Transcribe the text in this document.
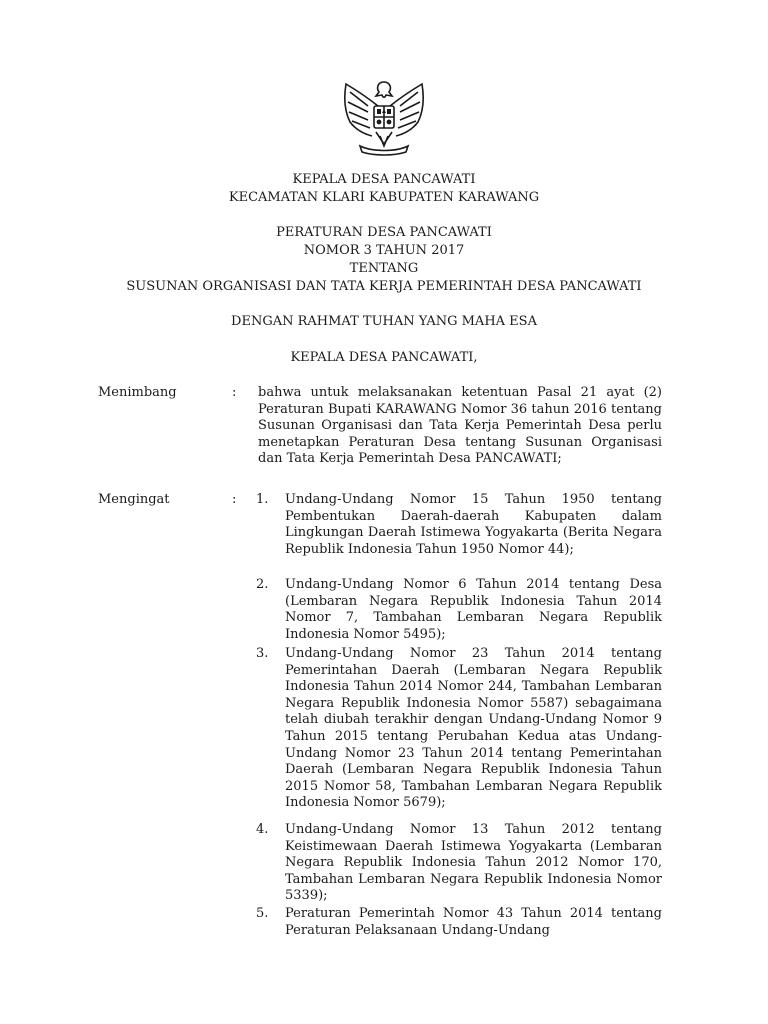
KEPALA DESA PANCAWATI
KECAMATAN KLARI KABUPATEN KARAWANG
PERATURAN DESA PANCAWATI
NOMOR 3 TAHUN 2017
TENTANG
SUSUNAN ORGANISASI DAN TATA KERJA PEMERINTAH DESA PANCAWATI
DENGAN RAHMAT TUHAN YANG MAHA ESA
KEPALA DESA PANCAWATI,
Menimbang	: bahwa untuk melaksanakan ketentuan Pasal 21 ayat (2) Peraturan Bupati KARAWANG Nomor 36 tahun 2016 tentang Susunan Organisasi dan Tata Kerja Pemerintah Desa perlu menetapkan Peraturan Desa tentang Susunan Organisasi dan Tata Kerja Pemerintah Desa PANCAWATI;
Mengingat	: 1. Undang-Undang Nomor 15 Tahun 1950 tentang Pembentukan Daerah-daerah Kabupaten dalam Lingkungan Daerah Istimewa Yogyakarta (Berita Negara Republik Indonesia Tahun 1950 Nomor 44);
2. Undang-Undang Nomor 6 Tahun 2014 tentang Desa (Lembaran Negara Republik Indonesia Tahun 2014 Nomor 7, Tambahan Lembaran Negara Republik Indonesia Nomor 5495);
3. Undang-Undang Nomor 23 Tahun 2014 tentang Pemerintahan Daerah (Lembaran Negara Republik Indonesia Tahun 2014 Nomor 244, Tambahan Lembaran Negara Republik Indonesia Nomor 5587) sebagaimana telah diubah terakhir dengan Undang-Undang Nomor 9 Tahun 2015 tentang Perubahan Kedua atas Undang-Undang Nomor 23 Tahun 2014 tentang Pemerintahan Daerah (Lembaran Negara Republik Indonesia Tahun 2015 Nomor 58, Tambahan Lembaran Negara Republik Indonesia Nomor 5679);
4. Undang-Undang Nomor 13 Tahun 2012 tentang Keistimewaan Daerah Istimewa Yogyakarta (Lembaran Negara Republik Indonesia Tahun 2012 Nomor 170, Tambahan Lembaran Negara Republik Indonesia Nomor 5339);
5. Peraturan Pemerintah Nomor 43 Tahun 2014 tentang Peraturan Pelaksanaan Undang-Undang
